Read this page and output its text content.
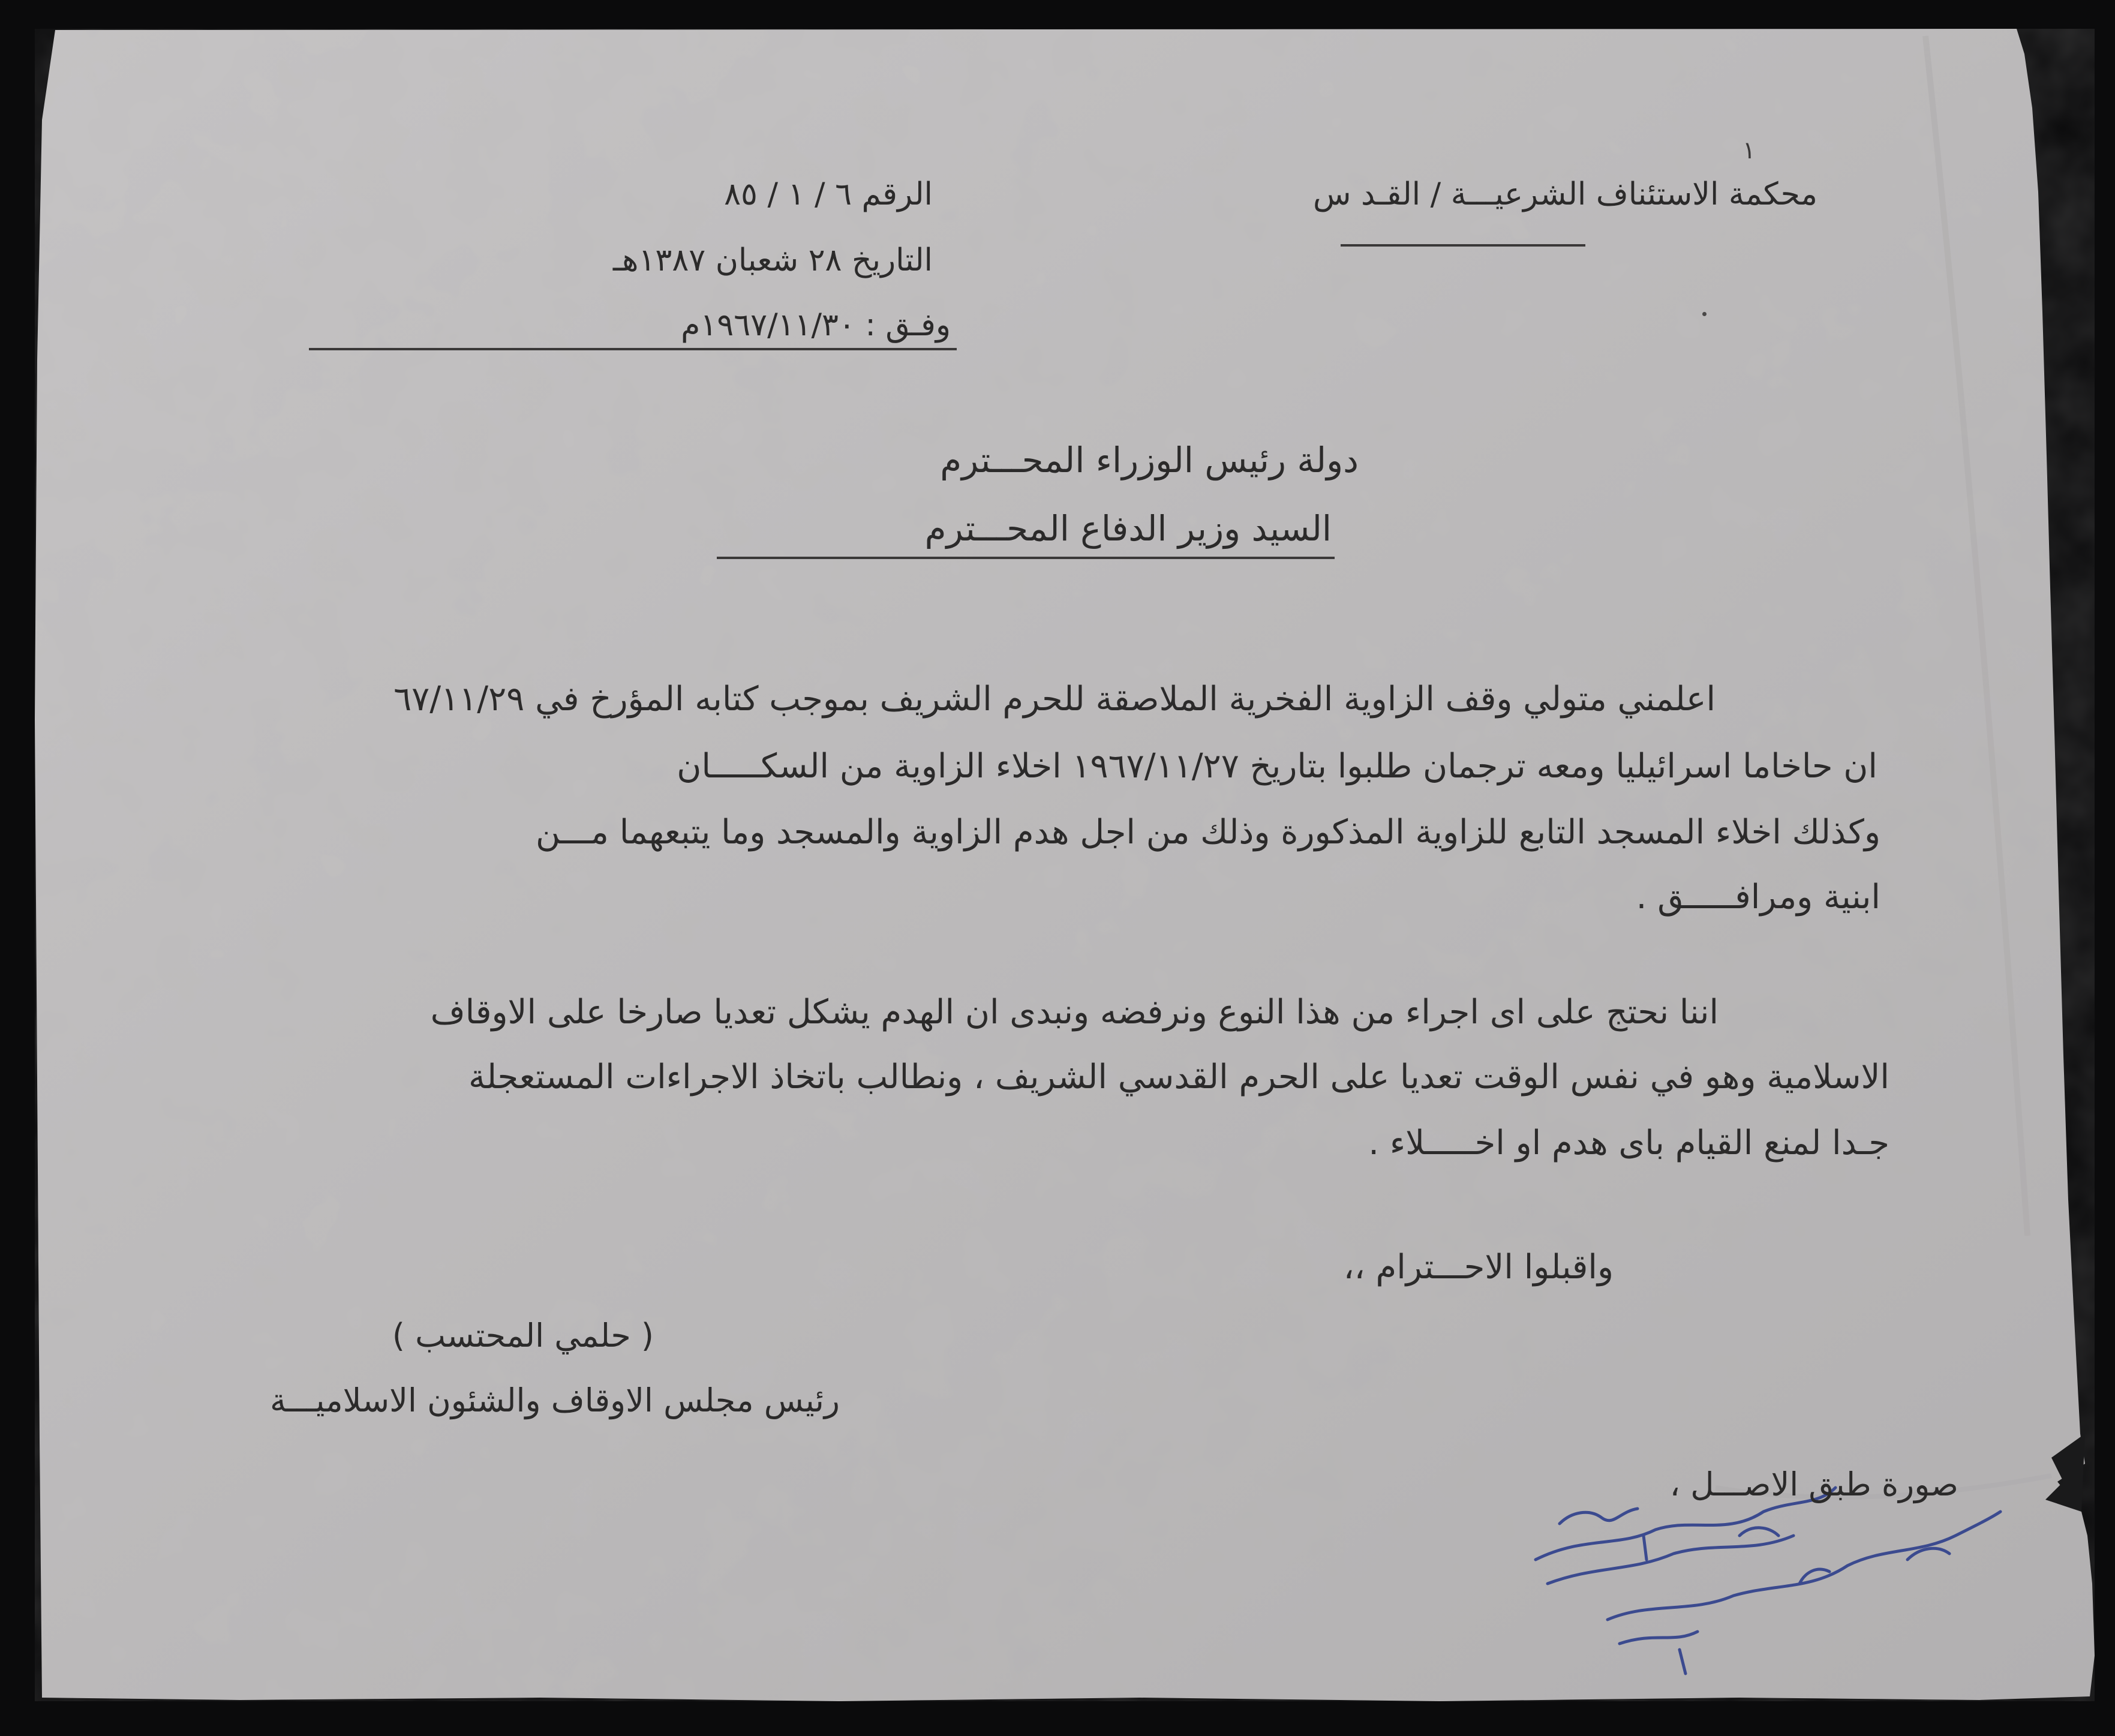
١
محكمة الاستئناف الشرعيـــة / القـد س
الرقم ٦ / ١ / ٨٥
التاريخ ٢٨ شعبان ١٣٨٧هـ
وفـق : ١٩٦٧/١١/٣٠م
دولة رئيس الوزراء المحـــترم
السيد وزير الدفاع المحـــترم
اعلمني متولي وقف الزاوية الفخرية الملاصقة للحرم الشريف بموجب كتابه المؤرخ في ٦٧/١١/٢٩
ان حاخاما اسرائيليا ومعه ترجمان طلبوا بتاريخ ١٩٦٧/١١/٢٧ اخلاء الزاوية من السكـــــان
وكذلك اخلاء المسجد التابع للزاوية المذكورة وذلك من اجل هدم الزاوية والمسجد وما يتبعهما مـــن
ابنية ومرافـــــق .
اننا نحتج على اى اجراء من هذا النوع ونرفضه ونبدى ان الهدم يشكل تعديا صارخا على الاوقاف
الاسلامية وهو في نفس الوقت تعديا على الحرم القدسي الشريف ، ونطالب باتخاذ الاجراءات المستعجلة
جـدا لمنع القيام باى هدم او اخـــــلاء .
واقبلوا الاحـــترام ،،
( حلمي المحتسب )
رئيس مجلس الاوقاف والشئون الاسلاميـــة
صورة طبق الاصـــل ،
